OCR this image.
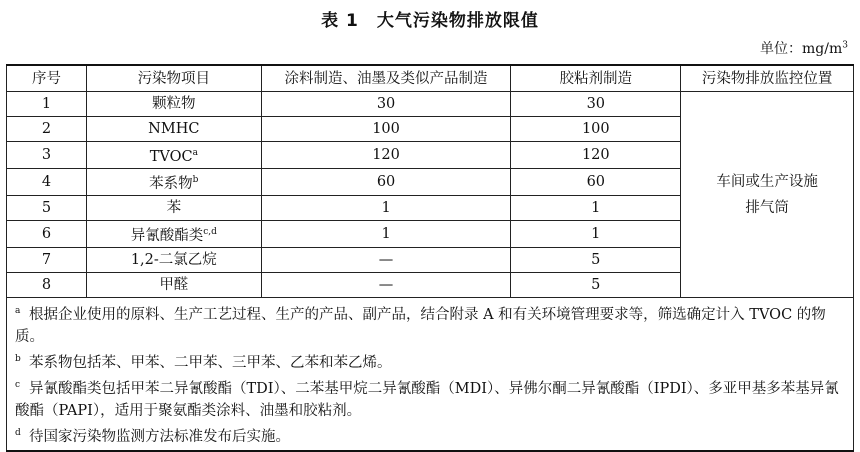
表 1　大气污染物排放限值
单位：$mg/m^3$
序号	污染物项目	涂料制造、油墨及类似产品制造	胶粘剂制造	污染物排放监控位置
1	颗粒物	30	30	车间或生产设施
排气筒

2	NMHC	100	100	
3	TVOC$^a$	120	120	
4	苯系物$^b$	60	60	
5	苯	1	1	
6	异氰酸酯类$^{c,d}$	1	1	
7	1,2-二氯乙烷	—	5	
8	甲醛	—	5	

a 根据企业使用的原料、生产工艺过程、生产的产品、副产品，结合附录 A 和有关环境管理要求等，筛选确定计入 TVOC 的物质。
b 苯系物包括苯、甲苯、二甲苯、三甲苯、乙苯和苯乙烯。
c 异氰酸酯类包括甲苯二异氰酸酯（TDI）、二苯基甲烷二异氰酸酯（MDI）、异佛尔酮二异氰酸酯（IPDI）、多亚甲基多苯基异氰酸酯（PAPI），适用于聚氨酯类涂料、油墨和胶粘剂。
d 待国家污染物监测方法标准发布后实施。				
